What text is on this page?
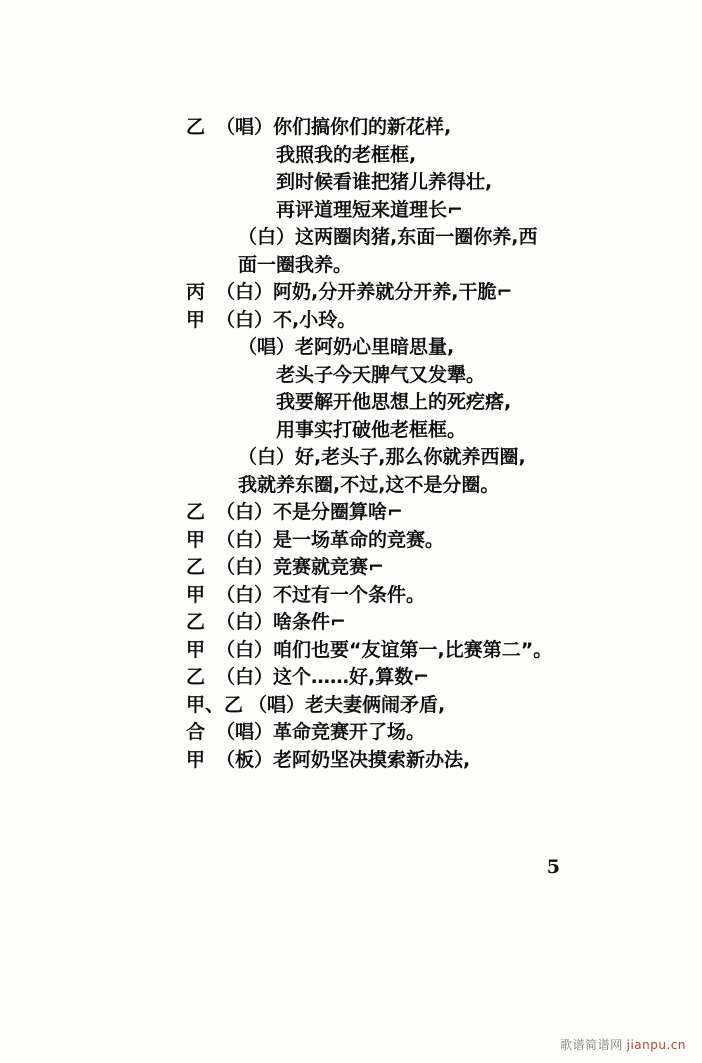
乙 （唱） 你们搞你们的新花样,
我照我的老框框,
到时候看谁把猪儿养得壮,
再评道理短来道理长⌐
（白） 这两圈肉猪,东面一圈你养,西
面一圈我养。
丙 （白） 阿奶,分开养就分开养,干脆⌐
甲 （白） 不,小玲。
（唱） 老阿奶心里暗思量,
老头子今天脾气又发犟。
我要解开他思想上的死疙瘩,
用事实打破他老框框。
（白） 好,老头子,那么你就养西圈,
我就养东圈,不过,这不是分圈。
乙 （白） 不是分圈算啥⌐
甲 （白） 是一场革命的竞赛。
乙 （白） 竞赛就竞赛⌐
甲 （白） 不过有一个条件。
乙 （白） 啥条件⌐
甲 （白） 咱们也要“友谊第一,比赛第二”。
乙 （白） 这个……好,算数⌐
甲、乙 （唱） 老夫妻俩闹矛盾,
合 （唱） 革命竞赛开了场。
甲 （板） 老阿奶坚决摸索新办法,
5
歌谱简谱网 jianpu.cn
